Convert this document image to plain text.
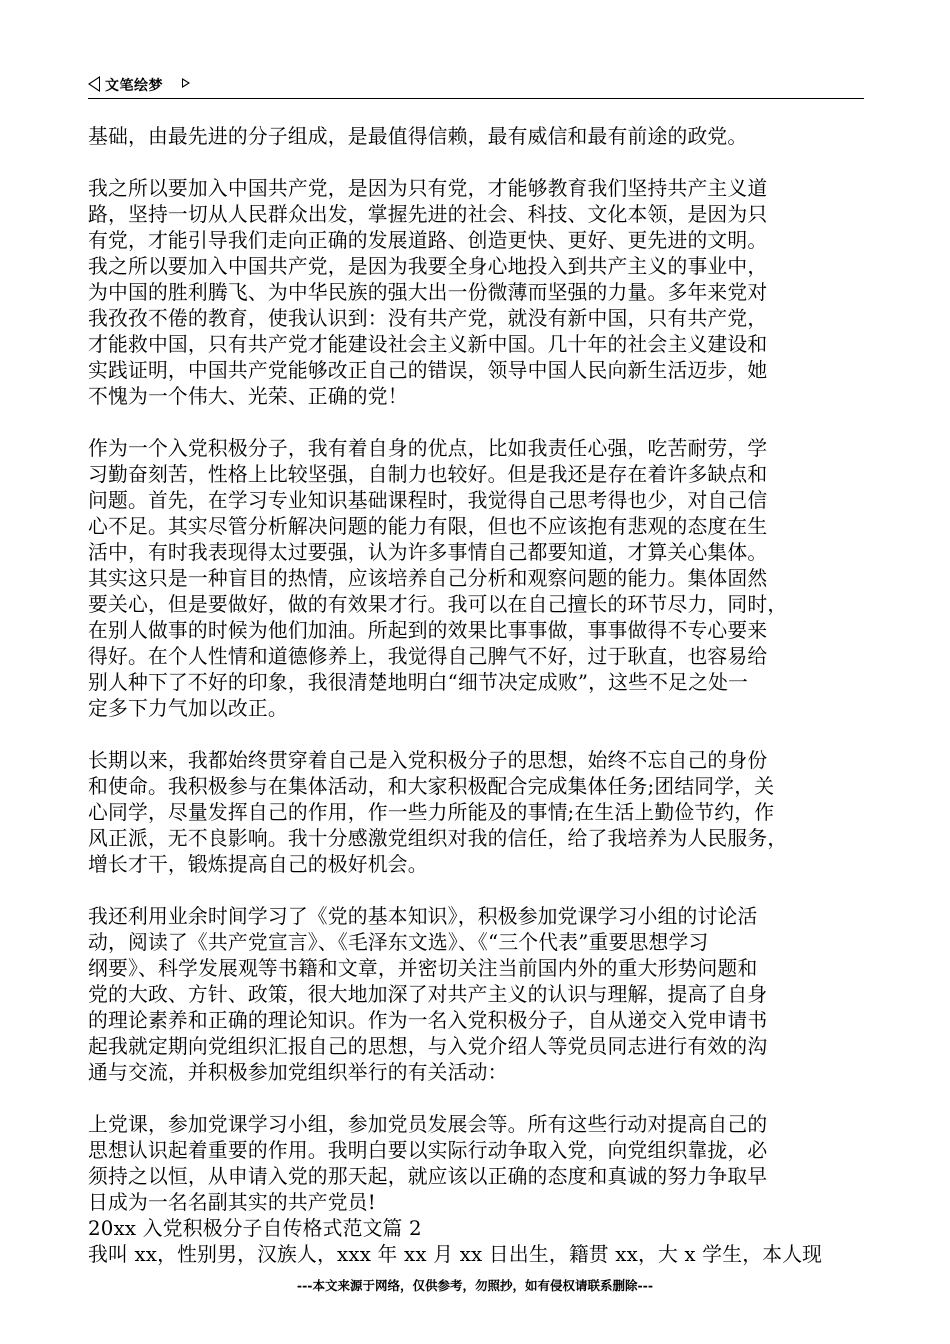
文笔绘梦

基础，由最先进的分子组成，是最值得信赖，最有威信和最有前途的政党。

我之所以要加入中国共产党，是因为只有党，才能够教育我们坚持共产主义道
路，坚持一切从人民群众出发，掌握先进的社会、科技、文化本领，是因为只
有党，才能引导我们走向正确的发展道路、创造更快、更好、更先进的文明。
我之所以要加入中国共产党，是因为我要全身心地投入到共产主义的事业中，
为中国的胜利腾飞、为中华民族的强大出一份微薄而坚强的力量。多年来党对
我孜孜不倦的教育，使我认识到：没有共产党，就没有新中国，只有共产党，
才能救中国，只有共产党才能建设社会主义新中国。几十年的社会主义建设和
实践证明，中国共产党能够改正自己的错误，领导中国人民向新生活迈步，她
不愧为一个伟大、光荣、正确的党！

作为一个入党积极分子，我有着自身的优点，比如我责任心强，吃苦耐劳，学
习勤奋刻苦，性格上比较坚强，自制力也较好。但是我还是存在着许多缺点和
问题。首先，在学习专业知识基础课程时，我觉得自己思考得也少，对自己信
心不足。其实尽管分析解决问题的能力有限，但也不应该抱有悲观的态度在生
活中，有时我表现得太过要强，认为许多事情自己都要知道，才算关心集体。
其实这只是一种盲目的热情，应该培养自己分析和观察问题的能力。集体固然
要关心，但是要做好，做的有效果才行。我可以在自己擅长的环节尽力，同时，
在别人做事的时候为他们加油。所起到的效果比事事做，事事做得不专心要来
得好。在个人性情和道德修养上，我觉得自己脾气不好，过于耿直，也容易给
别人种下了不好的印象，我很清楚地明白“细节决定成败”，这些不足之处一
定多下力气加以改正。

长期以来，我都始终贯穿着自己是入党积极分子的思想，始终不忘自己的身份
和使命。我积极参与在集体活动，和大家积极配合完成集体任务;团结同学，关
心同学，尽量发挥自己的作用，作一些力所能及的事情;在生活上勤俭节约，作
风正派，无不良影响。我十分感激党组织对我的信任，给了我培养为人民服务，
增长才干，锻炼提高自己的极好机会。

我还利用业余时间学习了《党的基本知识》，积极参加党课学习小组的讨论活
动，阅读了《共产党宣言》、《毛泽东文选》、《“三个代表”重要思想学习
纲要》、科学发展观等书籍和文章，并密切关注当前国内外的重大形势问题和
党的大政、方针、政策，很大地加深了对共产主义的认识与理解，提高了自身
的理论素养和正确的理论知识。作为一名入党积极分子，自从递交入党申请书
起我就定期向党组织汇报自己的思想，与入党介绍人等党员同志进行有效的沟
通与交流，并积极参加党组织举行的有关活动：

上党课，参加党课学习小组，参加党员发展会等。所有这些行动对提高自己的
思想认识起着重要的作用。我明白要以实际行动争取入党，向党组织靠拢，必
须持之以恒，从申请入党的那天起，就应该以正确的态度和真诚的努力争取早
日成为一名名副其实的共产党员!

20xx 入党积极分子自传格式范文篇 2

我叫 xx，性别男，汉族人，xxx 年 xx 月 xx 日出生，籍贯 xx，大 x 学生，本人现

---本文来源于网络，仅供参考，勿照抄，如有侵权请联系删除---
